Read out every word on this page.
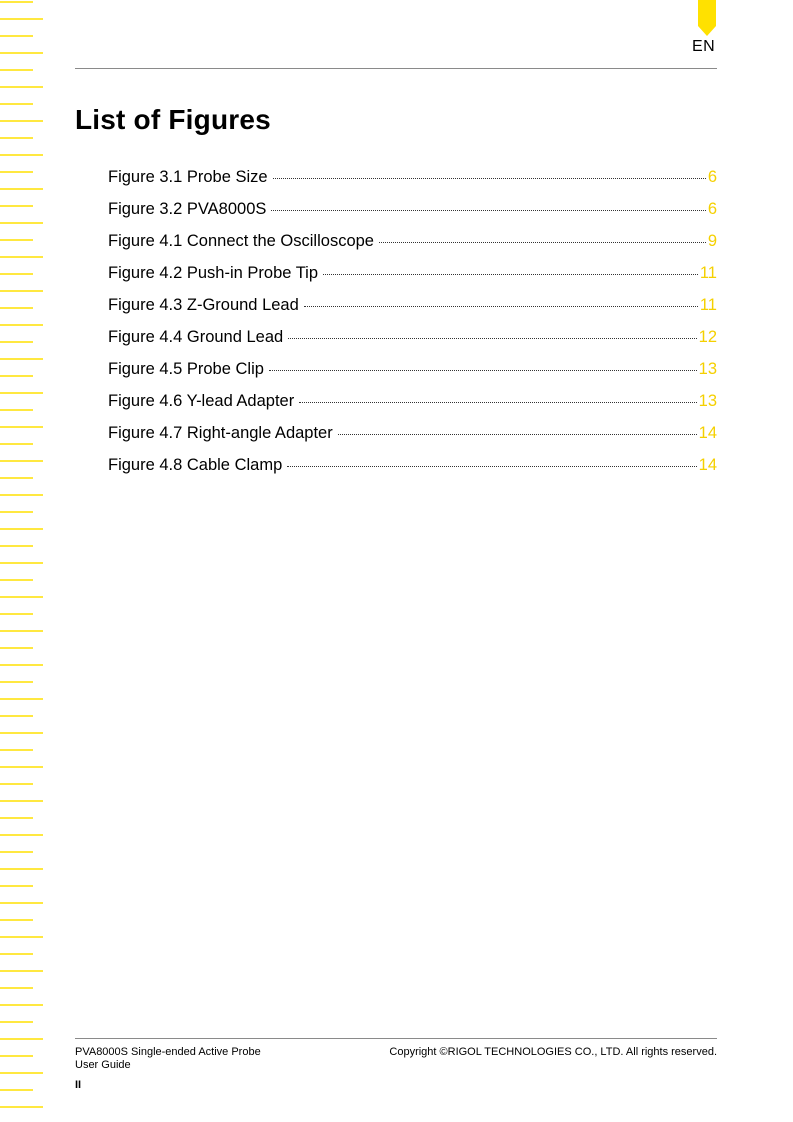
EN
List of Figures
Figure 3.1 Probe Size	6
Figure 3.2 PVA8000S	6
Figure 4.1 Connect the Oscilloscope	9
Figure 4.2 Push-in Probe Tip	11
Figure 4.3 Z-Ground Lead	11
Figure 4.4 Ground Lead	12
Figure 4.5 Probe Clip	13
Figure 4.6 Y-lead Adapter	13
Figure 4.7 Right-angle Adapter	14
Figure 4.8 Cable Clamp	14
PVA8000S Single-ended Active Probe
User Guide
Copyright ©RIGOL TECHNOLOGIES CO., LTD. All rights reserved.
II
